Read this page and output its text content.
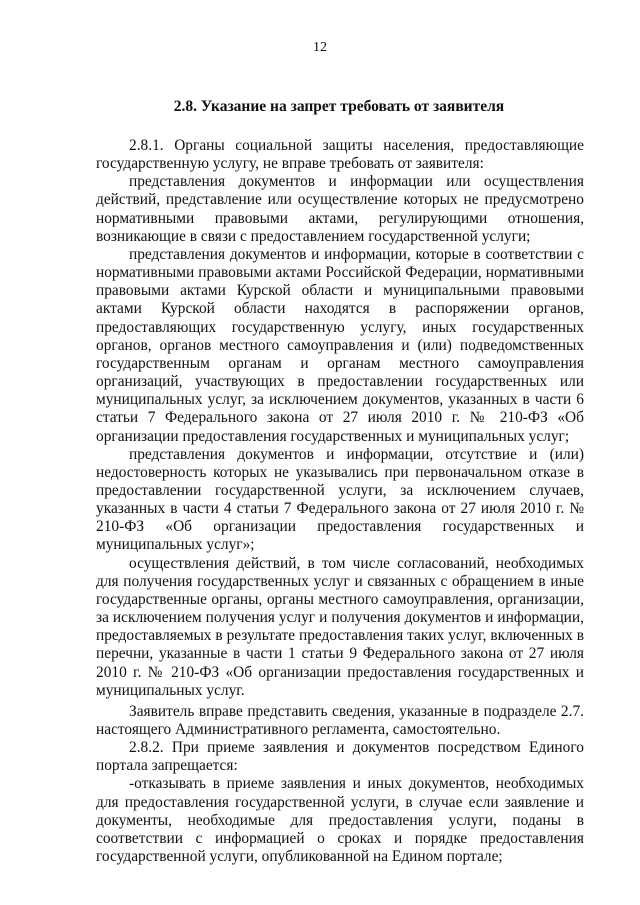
12
2.8. Указание на запрет требовать от заявителя

2.8.1. Органы социальной защиты населения, предоставляющие государственную услугу, не вправе требовать от заявителя:

представления документов и информации или осуществления действий, представление или осуществление которых не предусмотрено нормативными правовыми актами, регулирующими отношения, возникающие в связи с предоставлением государственной услуги;

представления документов и информации, которые в соответствии с нормативными правовыми актами Российской Федерации, нормативными правовыми актами Курской области и муниципальными правовыми актами Курской области находятся в распоряжении органов, предоставляющих государственную услугу, иных государственных органов, органов местного самоуправления и (или) подведомственных государственным органам и органам местного самоуправления организаций, участвующих в предоставлении государственных или муниципальных услуг, за исключением документов, указанных в части 6 статьи 7 Федерального закона от 27 июля 2010 г. № 210-ФЗ «Об организации предоставления государственных и муниципальных услуг;

представления документов и информации, отсутствие и (или) недостоверность которых не указывались при первоначальном отказе в предоставлении государственной услуги, за исключением случаев, указанных в части 4 статьи 7 Федерального закона от 27 июля 2010 г. № 210-ФЗ «Об организации предоставления государственных и муниципальных услуг»;

осуществления действий, в том числе согласований, необходимых для получения государственных услуг и связанных с обращением в иные государственные органы, органы местного самоуправления, организации, за исключением получения услуг и получения документов и информации, предоставляемых в результате предоставления таких услуг, включенных в перечни, указанные в части 1 статьи 9 Федерального закона от 27 июля 2010 г. № 210-ФЗ «Об организации предоставления государственных и муниципальных услуг.

Заявитель вправе представить сведения, указанные в подразделе 2.7. настоящего Административного регламента, самостоятельно.

2.8.2. При приеме заявления и документов посредством Единого портала запрещается:

-отказывать в приеме заявления и иных документов, необходимых для предоставления государственной услуги, в случае если заявление и документы, необходимые для предоставления услуги, поданы в соответствии с информацией о сроках и порядке предоставления государственной услуги, опубликованной на Едином портале;
